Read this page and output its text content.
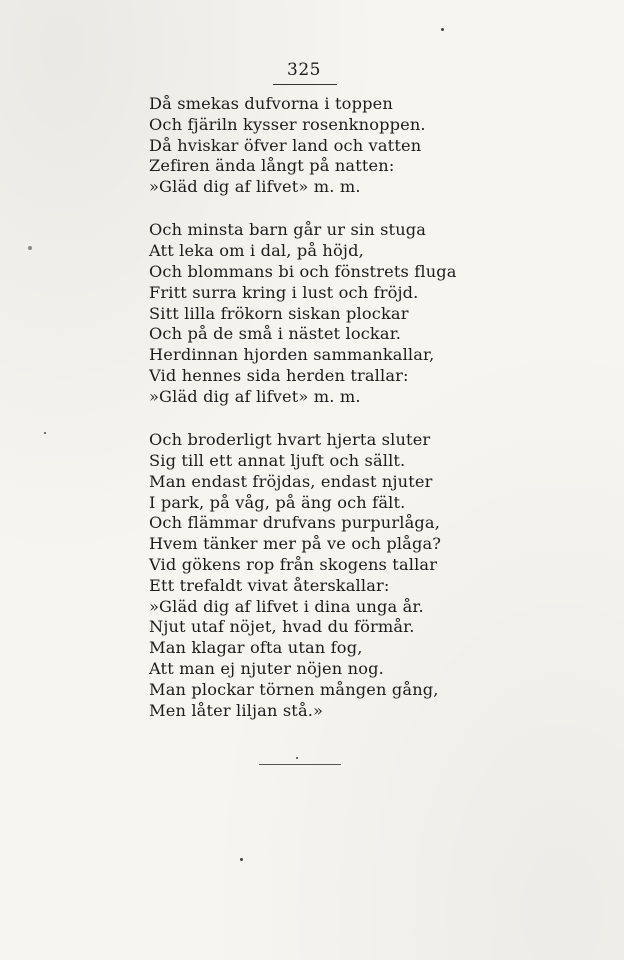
325
Då smekas dufvorna i toppen
Och fjäriln kysser rosenknoppen.
Då hviskar öfver land och vatten
Zefiren ända långt på natten:
»Gläd dig af lifvet» m. m.
Och minsta barn går ur sin stuga
Att leka om i dal, på höjd,
Och blommans bi och fönstrets fluga
Fritt surra kring i lust och fröjd.
Sitt lilla frökorn siskan plockar
Och på de små i nästet lockar.
Herdinnan hjorden sammankallar,
Vid hennes sida herden trallar:
»Gläd dig af lifvet» m. m.
Och broderligt hvart hjerta sluter
Sig till ett annat ljuft och sällt.
Man endast fröjdas, endast njuter
I park, på våg, på äng och fält.
Och flämmar drufvans purpurlåga,
Hvem tänker mer på ve och plåga?
Vid gökens rop från skogens tallar
Ett trefaldt vivat återskallar:
»Gläd dig af lifvet i dina unga år.
Njut utaf nöjet, hvad du förmår.
Man klagar ofta utan fog,
Att man ej njuter nöjen nog.
Man plockar törnen mången gång,
Men låter liljan stå.»
